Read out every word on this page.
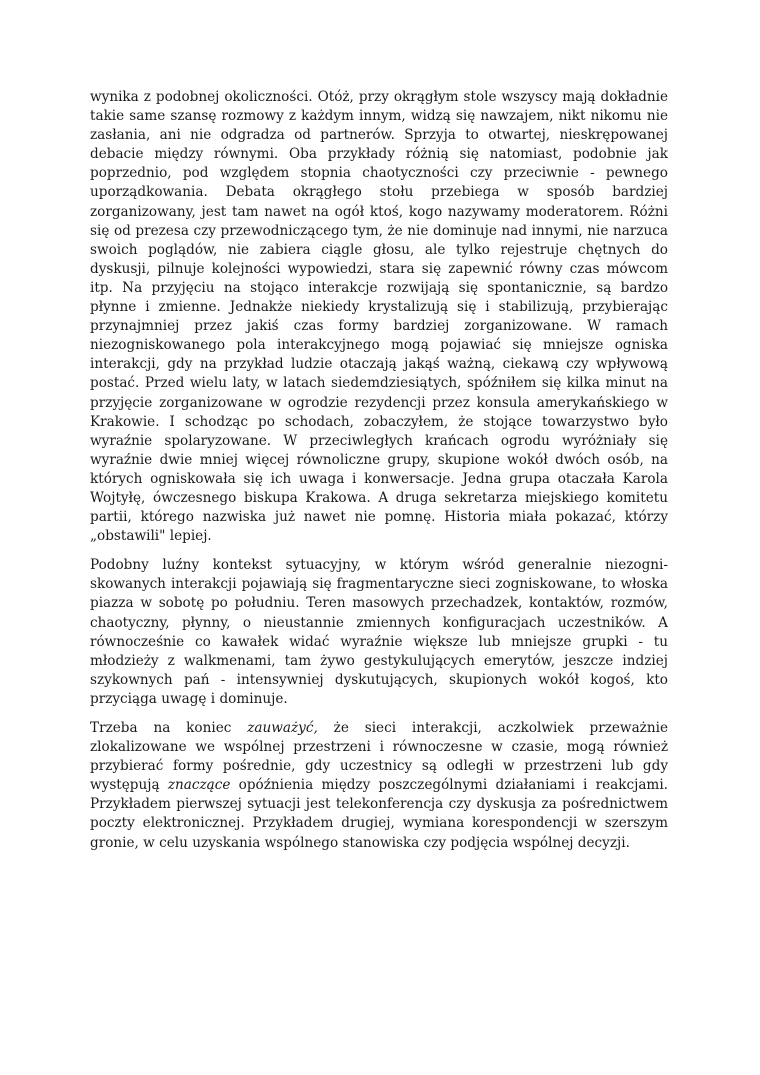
wynika z podobnej okoliczności. Otóż, przy okrągłym stole wszyscy mają dokładnie takie same szansę rozmowy z każdym innym, widzą się nawzajem, nikt nikomu nie zasłania, ani nie odgradza od partnerów. Sprzyja to otwartej, nieskrępowanej debacie między równymi. Oba przykłady różnią się natomiast, podobnie jak poprzednio, pod względem stopnia chaotyczności czy przeciwnie - pewnego uporządkowania. Debata okrągłego stołu przebiega w sposób bardziej zorganizowany, jest tam nawet na ogół ktoś, kogo nazywamy moderatorem. Różni się od prezesa czy przewodniczącego tym, że nie dominuje nad innymi, nie narzuca swoich poglądów, nie zabiera ciągle głosu, ale tylko rejestruje chętnych do dyskusji, pilnuje kolejności wypowiedzi, stara się zapewnić równy czas mówcom itp. Na przyjęciu na stojąco interakcje rozwijają się spontanicznie, są bardzo płynne i zmienne. Jednakże niekiedy krystalizują się i stabilizują, przybierając przynajmniej przez jakiś czas formy bardziej zorganizowane. W ramach niezogniskowanego pola interakcyjnego mogą pojawiać się mniejsze ogniska interakcji, gdy na przykład ludzie otaczają jakąś ważną, ciekawą czy wpływową postać. Przed wielu laty, w latach siedemdziesiątych, spóźniłem się kilka minut na przyjęcie zorganizowane w ogrodzie rezydencji przez konsula amerykańskiego w Krakowie. I schodząc po schodach, zobaczyłem, że stojące towarzystwo było wyraźnie spolaryzowane. W przeciwległych krańcach ogrodu wyróżniały się wyraźnie dwie mniej więcej równoliczne grupy, skupione wokół dwóch osób, na których ogniskowała się ich uwaga i konwersacje. Jedna grupa otaczała Karola Wojtyłę, ówczesnego biskupa Krakowa. A druga sekretarza miejskiego komitetu partii, którego nazwiska już nawet nie pomnę. Historia miała pokazać, którzy „obstawili" lepiej.

Podobny luźny kontekst sytuacyjny, w którym wśród generalnie niezogni-skowanych interakcji pojawiają się fragmentaryczne sieci zogniskowane, to włoska piazza w sobotę po południu. Teren masowych przechadzek, kontaktów, rozmów, chaotyczny, płynny, o nieustannie zmiennych konfiguracjach uczestników. A równocześnie co kawałek widać wyraźnie większe lub mniejsze grupki - tu młodzieży z walkmenami, tam żywo gestykulujących emerytów, jeszcze indziej szykownych pań - intensywniej dyskutujących, skupionych wokół kogoś, kto przyciąga uwagę i dominuje.

Trzeba na koniec zauważyć, że sieci interakcji, aczkolwiek przeważnie zlokalizowane we wspólnej przestrzeni i równoczesne w czasie, mogą również przybierać formy pośrednie, gdy uczestnicy są odległi w przestrzeni lub gdy występują znaczące opóźnienia między poszczególnymi działaniami i reakcjami. Przykładem pierwszej sytuacji jest telekonferencja czy dyskusja za pośrednictwem poczty elektronicznej. Przykładem drugiej, wymiana korespondencji w szerszym gronie, w celu uzyskania wspólnego stanowiska czy podjęcia wspólnej decyzji.
